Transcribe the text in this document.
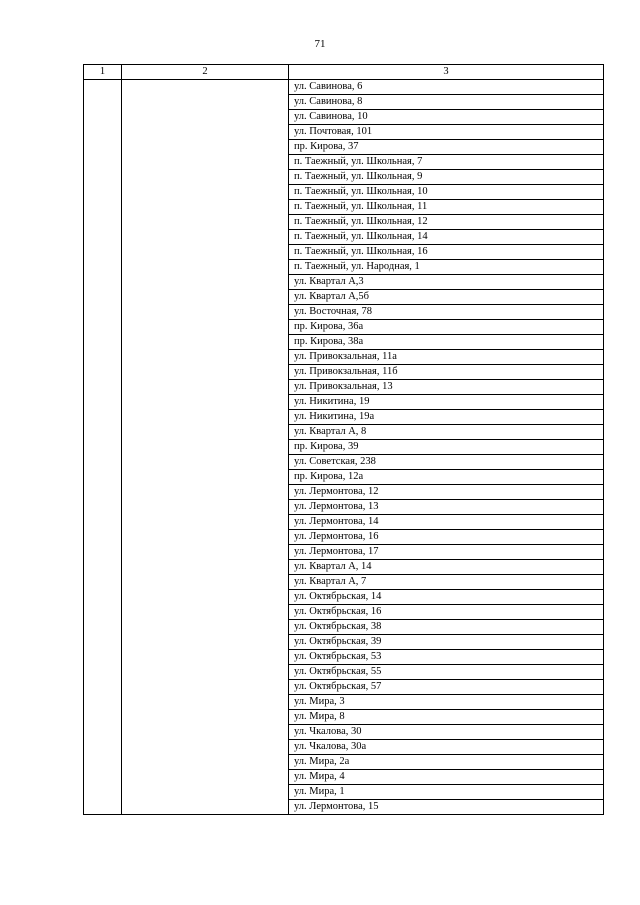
71
1	2	3
		ул. Савинова, 6
		ул. Савинова, 8
		ул. Савинова, 10
		ул. Почтовая, 101
		пр. Кирова, 37
		п. Таежный, ул. Школьная, 7
		п. Таежный, ул. Школьная, 9
		п. Таежный, ул. Школьная, 10
		п. Таежный, ул. Школьная, 11
		п. Таежный, ул. Школьная, 12
		п. Таежный, ул. Школьная, 14
		п. Таежный, ул. Школьная, 16
		п. Таежный, ул. Народная, 1
		ул. Квартал А,3
		ул. Квартал А,5б
		ул. Восточная, 78
		пр. Кирова, 36а
		пр. Кирова, 38а
		ул. Привокзальная, 11а
		ул. Привокзальная, 11б
		ул. Привокзальная, 13
		ул. Никитина, 19
		ул. Никитина, 19а
		ул. Квартал А, 8
		пр. Кирова, 39
		ул. Советская, 238
		пр. Кирова, 12а
		ул. Лермонтова, 12
		ул. Лермонтова, 13
		ул. Лермонтова, 14
		ул. Лермонтова, 16
		ул. Лермонтова, 17
		ул. Квартал А, 14
		ул. Квартал А, 7
		ул. Октябрьская, 14
		ул. Октябрьская, 16
		ул. Октябрьская, 38
		ул. Октябрьская, 39
		ул. Октябрьская, 53
		ул. Октябрьская, 55
		ул. Октябрьская, 57
		ул. Мира, 3
		ул. Мира, 8
		ул. Чкалова, 30
		ул. Чкалова, 30а
		ул. Мира, 2а
		ул. Мира, 4
		ул. Мира, 1
		ул. Лермонтова, 15
